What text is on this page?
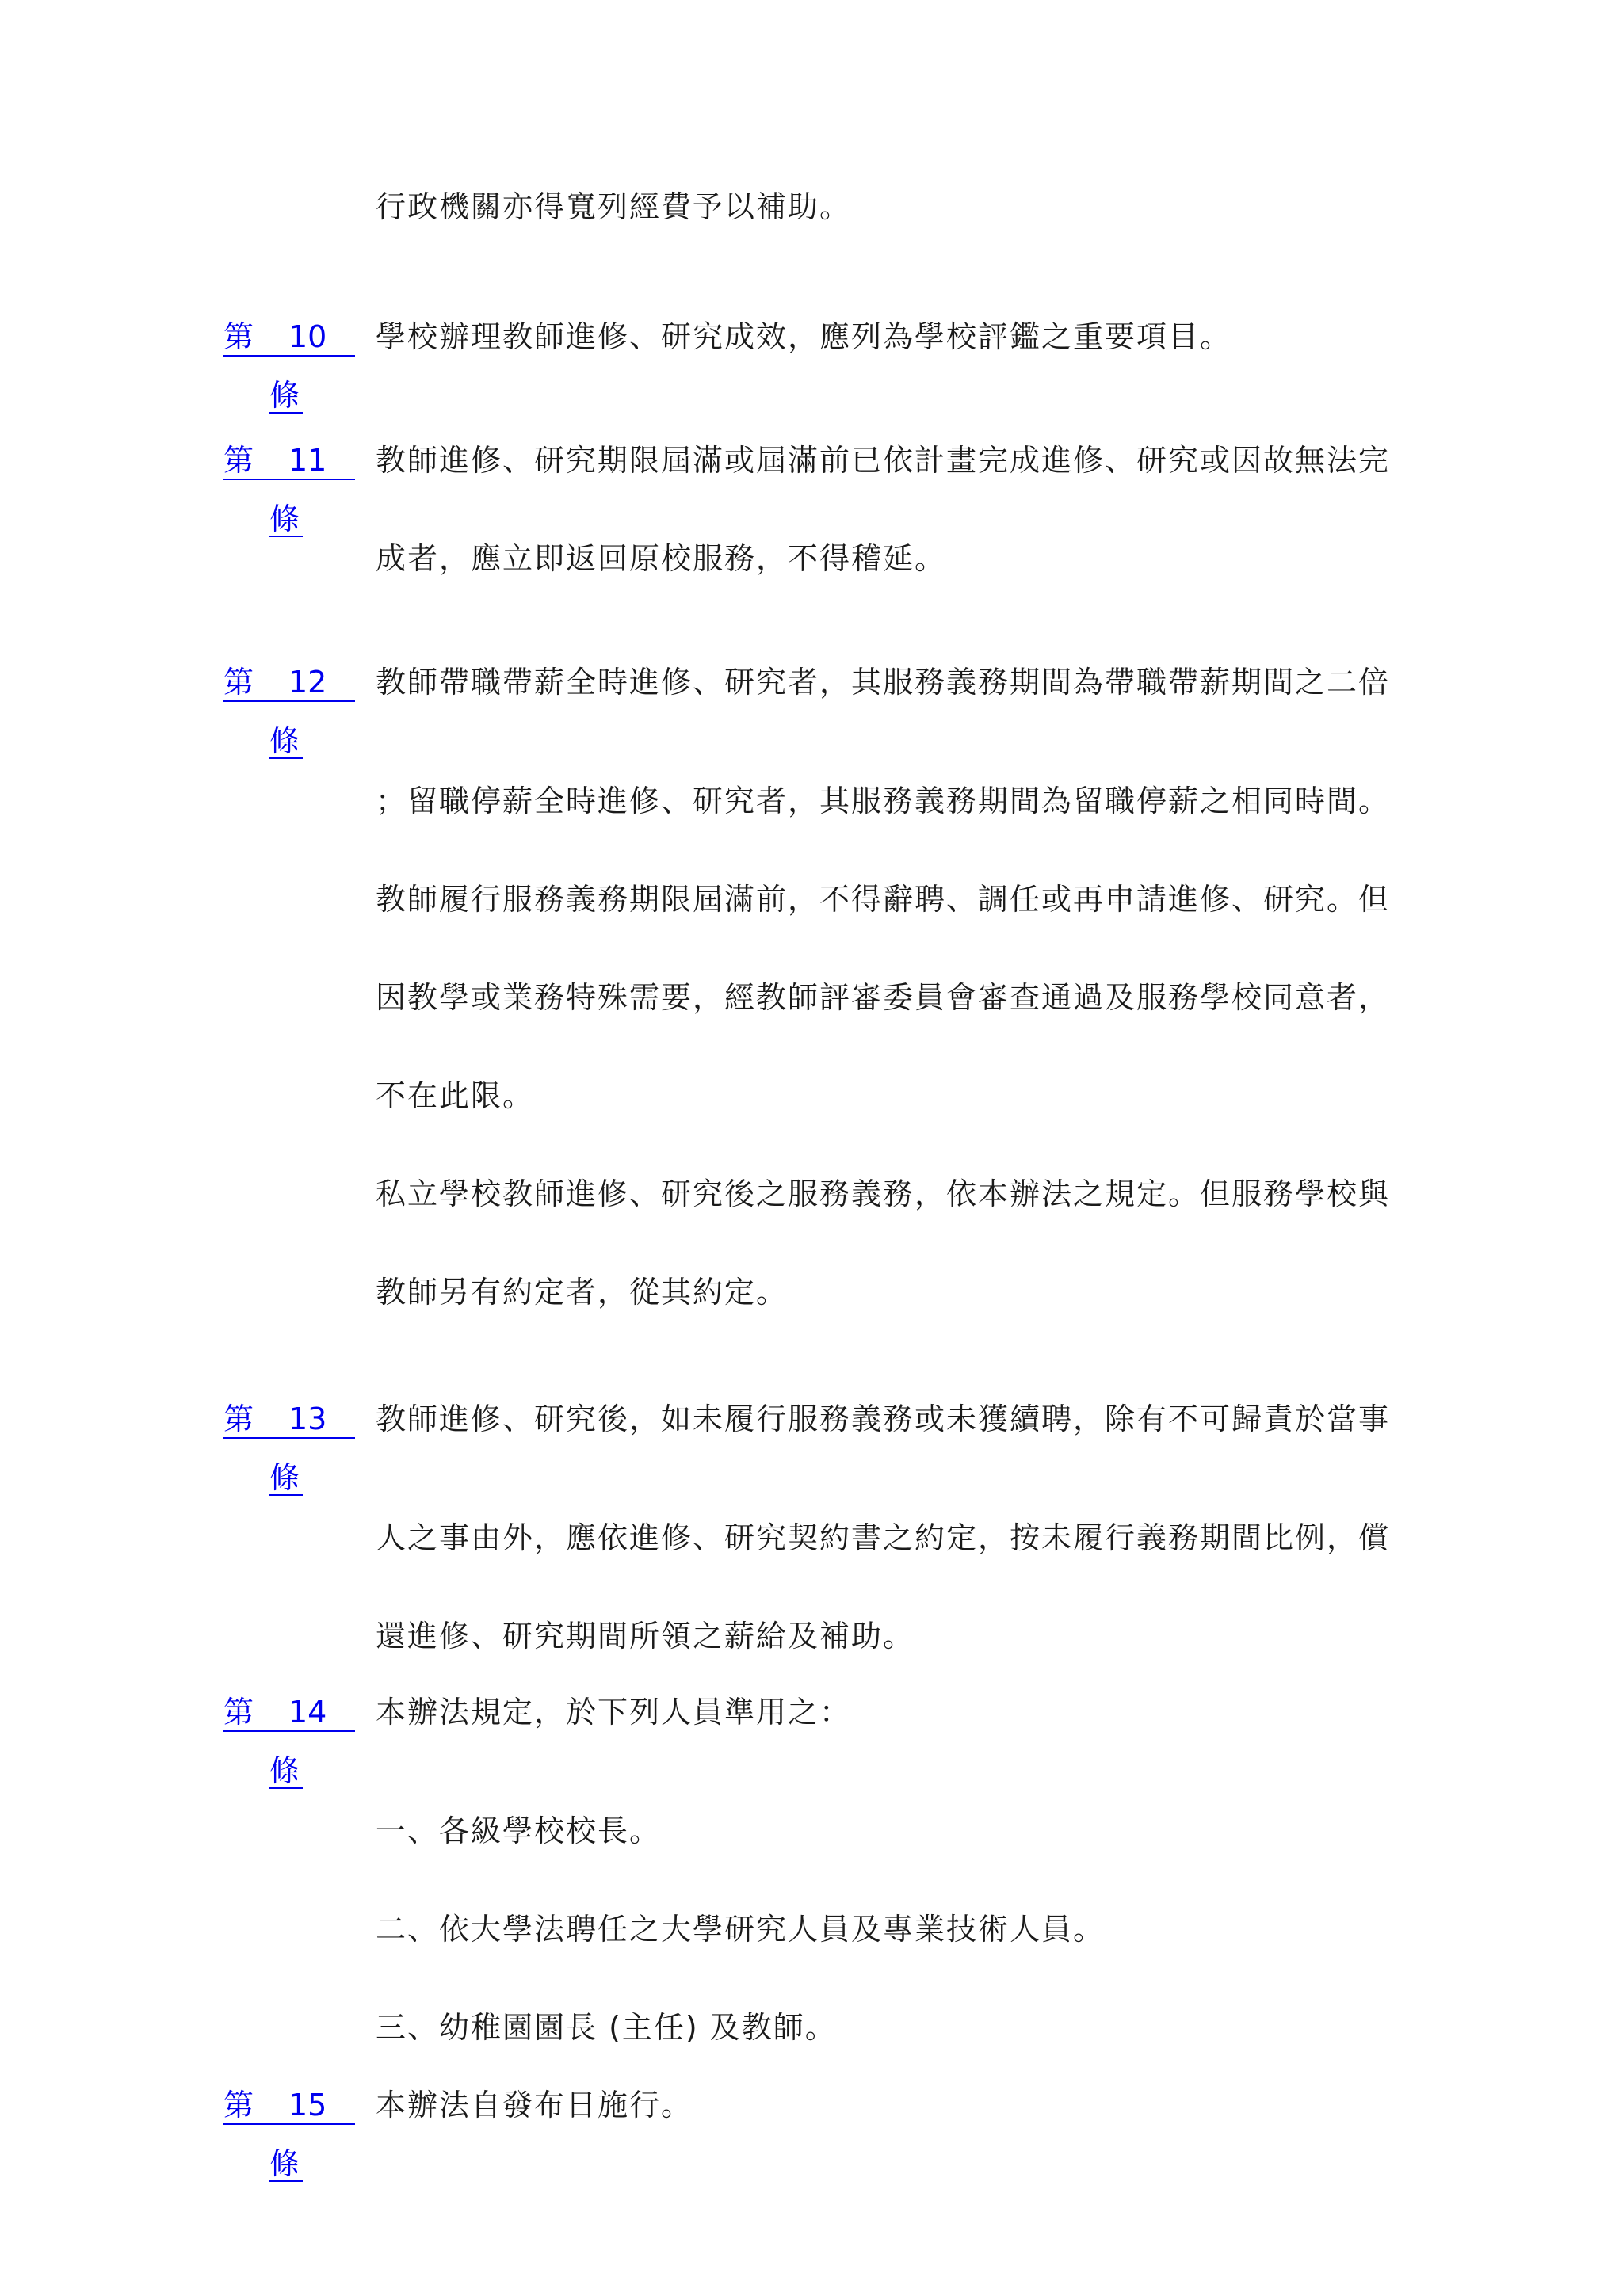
行政機關亦得寬列經費予以補助。
第 10
條
學校辦理教師進修、研究成效，應列為學校評鑑之重要項目。
第 11
條
教師進修、研究期限屆滿或屆滿前已依計畫完成進修、研究或因故無法完
成者，應立即返回原校服務，不得稽延。
第 12
條
教師帶職帶薪全時進修、研究者，其服務義務期間為帶職帶薪期間之二倍
；留職停薪全時進修、研究者，其服務義務期間為留職停薪之相同時間。
教師履行服務義務期限屆滿前，不得辭聘、調任或再申請進修、研究。但
因教學或業務特殊需要，經教師評審委員會審查通過及服務學校同意者，
不在此限。
私立學校教師進修、研究後之服務義務，依本辦法之規定。但服務學校與
教師另有約定者，從其約定。
第 13
條
教師進修、研究後，如未履行服務義務或未獲續聘，除有不可歸責於當事
人之事由外，應依進修、研究契約書之約定，按未履行義務期間比例，償
還進修、研究期間所領之薪給及補助。
第 14
條
本辦法規定，於下列人員準用之：
一、各級學校校長。
二、依大學法聘任之大學研究人員及專業技術人員。
三、幼稚園園長 (主任) 及教師。
第 15
條
本辦法自發布日施行。
